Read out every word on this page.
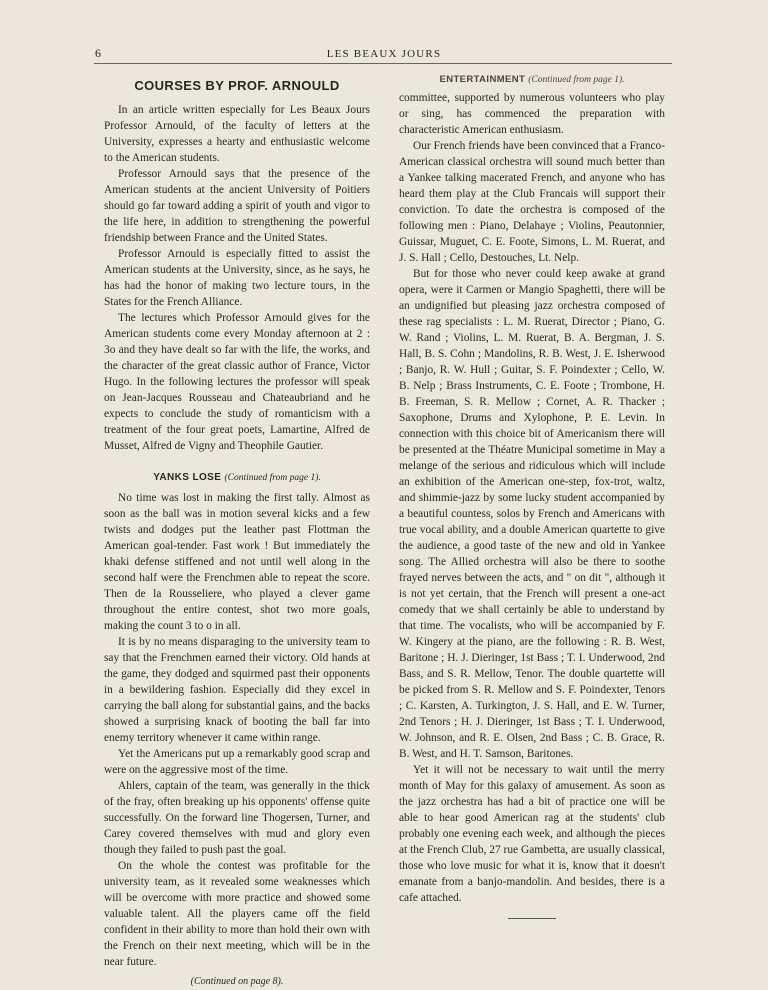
6	LES BEAUX JOURS
COURSES BY PROF. ARNOULD

In an article written especially for Les Beaux Jours Professor Arnould, of the faculty of letters at the University, expresses a hearty and enthusiastic welcome to the American students.

Professor Arnould says that the presence of the American students at the ancient University of Poitiers should go far toward adding a spirit of youth and vigor to the life here, in addition to strengthening the powerful friendship between France and the United States.

Professor Arnould is especially fitted to assist the American students at the University, since, as he says, he has had the honor of making two lecture tours, in the States for the French Alliance.

The lectures which Professor Arnould gives for the American students come every Monday afternoon at 2 : 3o and they have dealt so far with the life, the works, and the character of the great classic author of France, Victor Hugo. In the following lectures the professor will speak on Jean-Jacques Rousseau and Chateaubriand and he expects to conclude the study of romanticism with a treatment of the four great poets, Lamartine, Alfred de Musset, Alfred de Vigny and Theophile Gautier.

YANKS LOSE (Continued from page 1).

No time was lost in making the first tally. Almost as soon as the ball was in motion several kicks and a few twists and dodges put the leather past Flottman the American goal-tender. Fast work ! But immediately the khaki defense stiffened and not until well along in the second half were the Frenchmen able to repeat the score. Then de la Rousseliere, who played a clever game throughout the entire contest, shot two more goals, making the count 3 to o in all.

It is by no means disparaging to the university team to say that the Frenchmen earned their victory. Old hands at the game, they dodged and squirmed past their opponents in a bewildering fashion. Especially did they excel in carrying the ball along for substantial gains, and the backs showed a surprising knack of booting the ball far into enemy territory whenever it came within range.

Yet the Americans put up a remarkably good scrap and were on the aggressive most of the time.

Ahlers, captain of the team, was generally in the thick of the fray, often breaking up his opponents' offense quite successfully. On the forward line Thogersen, Turner, and Carey covered themselves with mud and glory even though they failed to push past the goal.

On the whole the contest was profitable for the university team, as it revealed some weaknesses which will be overcome with more practice and showed some valuable talent. All the players came off the field confident in their ability to more than hold their own with the French on their next meeting, which will be in the near future.

(Continued on page 8).
ENTERTAINMENT (Continued from page 1).

committee, supported by numerous volunteers who play or sing, has commenced the preparation with characteristic American enthusiasm.

Our French friends have been convinced that a Franco-American classical orchestra will sound much better than a Yankee talking macerated French, and anyone who has heard them play at the Club Francais will support their conviction. To date the orchestra is composed of the following men : Piano, Delahaye ; Violins, Peautonnier, Guissar, Muguet, C. E. Foote, Simons, L. M. Ruerat, and J. S. Hall ; Cello, Destouches, Lt. Nelp.

But for those who never could keep awake at grand opera, were it Carmen or Mangio Spaghetti, there will be an undignified but pleasing jazz orchestra composed of these rag specialists : L. M. Ruerat, Director ; Piano, G. W. Rand ; Violins, L. M. Ruerat, B. A. Bergman, J. S. Hall, B. S. Cohn ; Mandolins, R. B. West, J. E. Isherwood ; Banjo, R. W. Hull ; Guitar, S. F. Poindexter ; Cello, W. B. Nelp ; Brass Instruments, C. E. Foote ; Trombone, H. B. Freeman, S. R. Mellow ; Cornet, A. R. Thacker ; Saxophone, Drums and Xylophone, P. E. Levin. In connection with this choice bit of Americanism there will be presented at the Théatre Municipal sometime in May a melange of the serious and ridiculous which will include an exhibition of the American one-step, fox-trot, waltz, and shimmie-jazz by some lucky student accompanied by a beautiful countess, solos by French and Americans with true vocal ability, and a double American quartette to give the audience, a good taste of the new and old in Yankee song. The Allied orchestra will also be there to soothe frayed nerves between the acts, and " on dit ", although it is not yet certain, that the French will present a one-act comedy that we shall certainly be able to understand by that time. The vocalists, who will be accompanied by F. W. Kingery at the piano, are the following : R. B. West, Baritone ; H. J. Dieringer, 1st Bass ; T. I. Underwood, 2nd Bass, and S. R. Mellow, Tenor. The double quartette will be picked from S. R. Mellow and S. F. Poindexter, Tenors ; C. Karsten, A. Turkington, J. S. Hall, and E. W. Turner, 2nd Tenors ; H. J. Dieringer, 1st Bass ; T. I. Underwood, W. Johnson, and R. E. Olsen, 2nd Bass ; C. B. Grace, R. B. West, and H. T. Samson, Baritones.

Yet it will not be necessary to wait until the merry month of May for this galaxy of amusement. As soon as the jazz orchestra has had a bit of practice one will be able to hear good American rag at the students' club probably one evening each week, and although the pieces at the French Club, 27 rue Gambetta, are usually classical, those who love music for what it is, know that it doesn't emanate from a banjo-mandolin. And besides, there is a cafe attached.
